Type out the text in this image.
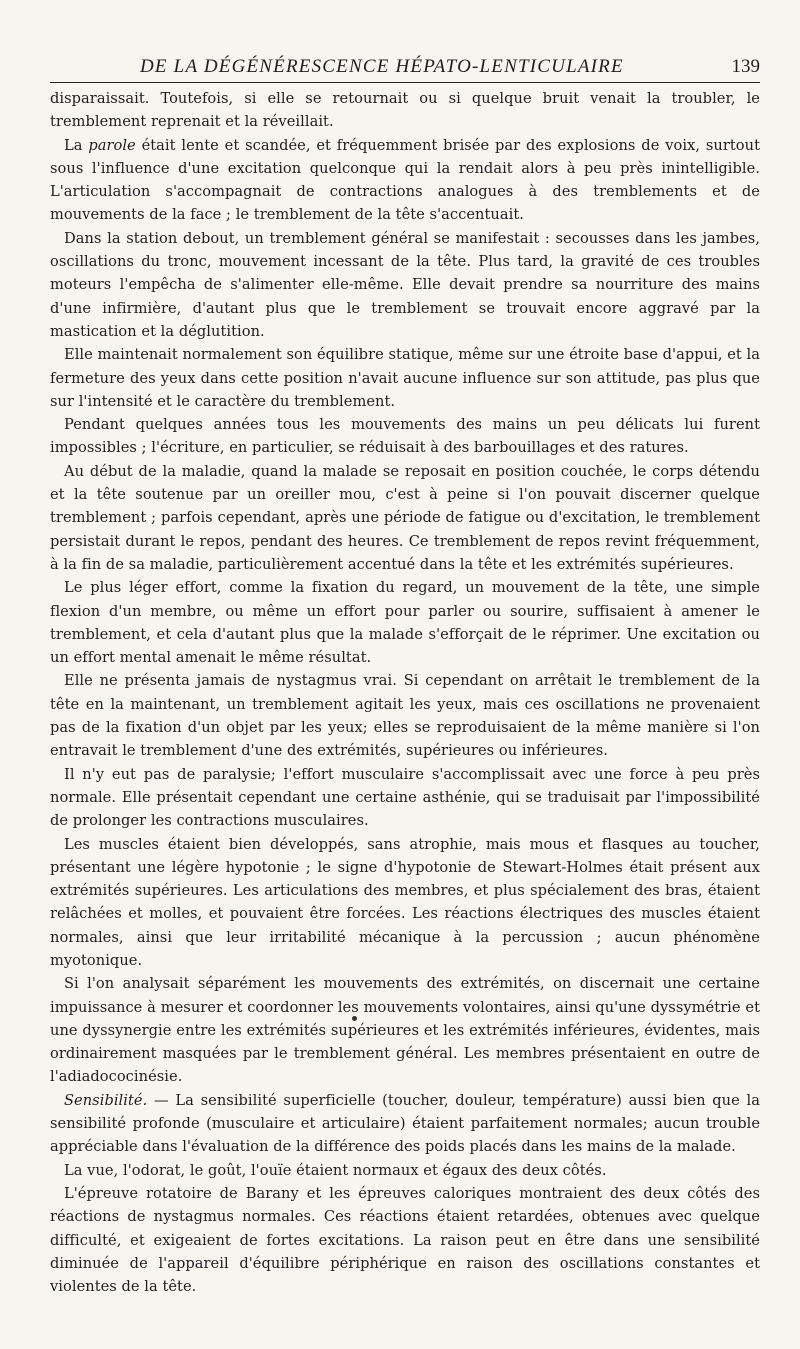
DE LA DÉGÉNÉRESCENCE HÉPATO-LENTICULAIRE	139

disparaissait. Toutefois, si elle se retournait ou si quelque bruit venait la troubler, le tremblement reprenait et la réveillait.

La parole était lente et scandée, et fréquemment brisée par des explosions de voix, surtout sous l'influence d'une excitation quelconque qui la rendait alors à peu près inintelligible. L'articulation s'accompagnait de contractions analogues à des tremblements et de mouvements de la face ; le tremblement de la tête s'accentuait.

Dans la station debout, un tremblement général se manifestait : secousses dans les jambes, oscillations du tronc, mouvement incessant de la tête. Plus tard, la gravité de ces troubles moteurs l'empêcha de s'alimenter elle-même. Elle devait prendre sa nourriture des mains d'une infirmière, d'autant plus que le tremblement se trouvait encore aggravé par la mastication et la déglutition.

Elle maintenait normalement son équilibre statique, même sur une étroite base d'appui, et la fermeture des yeux dans cette position n'avait aucune influence sur son attitude, pas plus que sur l'intensité et le caractère du tremblement.

Pendant quelques années tous les mouvements des mains un peu délicats lui furent impossibles ; l'écriture, en particulier, se réduisait à des barbouillages et des ratures.

Au début de la maladie, quand la malade se reposait en position couchée, le corps détendu et la tête soutenue par un oreiller mou, c'est à peine si l'on pouvait discerner quelque tremblement ; parfois cependant, après une période de fatigue ou d'excitation, le tremblement persistait durant le repos, pendant des heures. Ce tremblement de repos revint fréquemment, à la fin de sa maladie, particulièrement accentué dans la tête et les extrémités supérieures.

Le plus léger effort, comme la fixation du regard, un mouvement de la tête, une simple flexion d'un membre, ou même un effort pour parler ou sourire, suffisaient à amener le tremblement, et cela d'autant plus que la malade s'efforçait de le réprimer. Une excitation ou un effort mental amenait le même résultat.

Elle ne présenta jamais de nystagmus vrai. Si cependant on arrêtait le tremblement de la tête en la maintenant, un tremblement agitait les yeux, mais ces oscillations ne provenaient pas de la fixation d'un objet par les yeux; elles se reproduisaient de la même manière si l'on entravait le tremblement d'une des extrémités, supérieures ou inférieures.

Il n'y eut pas de paralysie; l'effort musculaire s'accomplissait avec une force à peu près normale. Elle présentait cependant une certaine asthénie, qui se traduisait par l'impossibilité de prolonger les contractions musculaires.

Les muscles étaient bien développés, sans atrophie, mais mous et flasques au toucher, présentant une légère hypotonie ; le signe d'hypotonie de Stewart-Holmes était présent aux extrémités supérieures. Les articulations des membres, et plus spécialement des bras, étaient relâchées et molles, et pouvaient être forcées. Les réactions électriques des muscles étaient normales, ainsi que leur irritabilité mécanique à la percussion ; aucun phénomène myotonique.

Si l'on analysait séparément les mouvements des extrémités, on discernait une certaine impuissance à mesurer et coordonner les mouvements volontaires, ainsi qu'une dyssymétrie et une dyssynergie entre les extrémités supérieures et les extrémités inférieures, évidentes, mais ordinairement masquées par le tremblement général. Les membres présentaient en outre de l'adiadococinésie.

Sensibilité. — La sensibilité superficielle (toucher, douleur, température) aussi bien que la sensibilité profonde (musculaire et articulaire) étaient parfaitement normales; aucun trouble appréciable dans l'évaluation de la différence des poids placés dans les mains de la malade.

La vue, l'odorat, le goût, l'ouïe étaient normaux et égaux des deux côtés.

L'épreuve rotatoire de Barany et les épreuves caloriques montraient des deux côtés des réactions de nystagmus normales. Ces réactions étaient retardées, obtenues avec quelque difficulté, et exigeaient de fortes excitations. La raison peut en être dans une sensibilité diminuée de l'appareil d'équilibre périphérique en raison des oscillations constantes et violentes de la tête.
